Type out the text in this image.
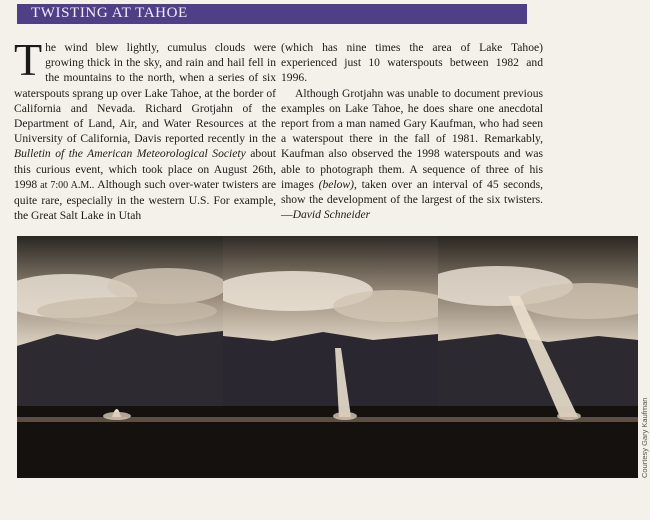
TWISTING AT TAHOE

The wind blew lightly, cumulus clouds were growing thick in the sky, and rain and hail fell in the mountains to the north, when a series of six waterspouts sprang up over Lake Tahoe, at the border of California and Nevada. Richard Grotjahn of the Department of Land, Air, and Water Resources at the University of California, Davis reported recently in the Bulletin of the American Meteorological Society about this curious event, which took place on August 26th, 1998 at 7:00 A.M.. Although such over-water twisters are quite rare, especially in the western U.S. For example, the Great Salt Lake in Utah

(which has nine times the area of Lake Tahoe) experienced just 10 waterspouts between 1982 and 1996.

Although Grotjahn was unable to document previous examples on Lake Tahoe, he does share one anecdotal report from a man named Gary Kaufman, who had seen a waterspout there in the fall of 1981. Remarkably, Kaufman also observed the 1998 waterspouts and was able to photograph them. A sequence of three of his images (below), taken over an interval of 45 seconds, show the development of the largest of the six twisters.—David Schneider

Courtesy Gary Kaufman
